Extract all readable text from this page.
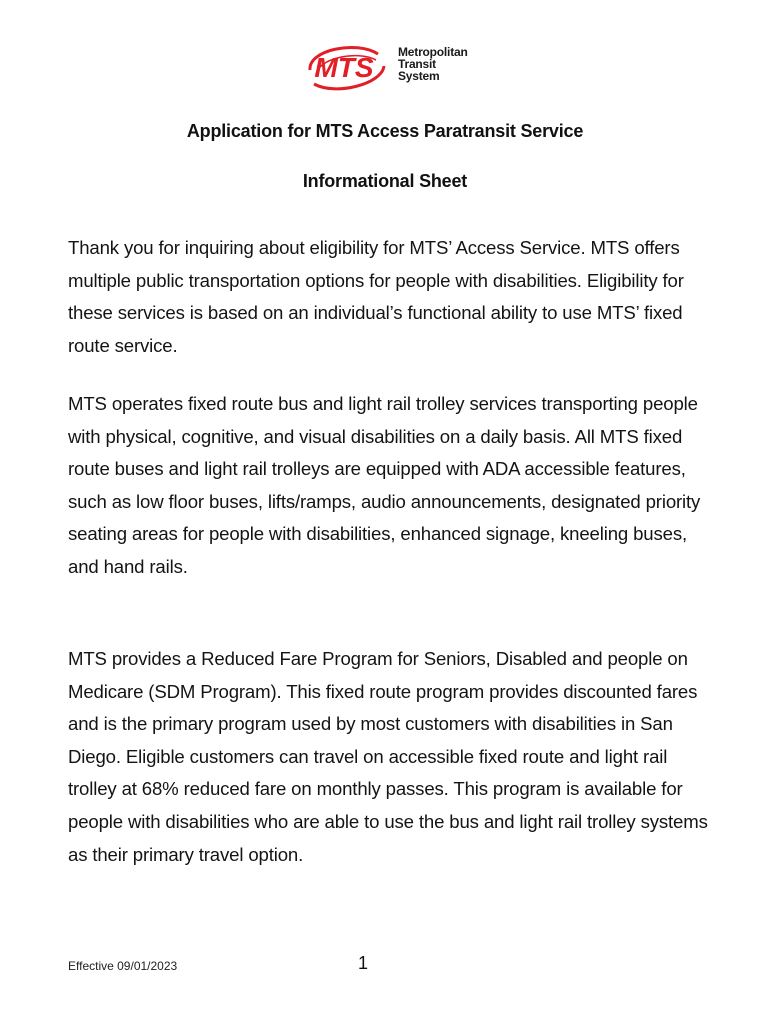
MTS Metropolitan
Transit
System
Application for MTS Access Paratransit Service
Informational Sheet

Thank you for inquiring about eligibility for MTS’ Access Service. MTS offers multiple public transportation options for people with disabilities. Eligibility for these services is based on an individual’s functional ability to use MTS’ fixed route service.

MTS operates fixed route bus and light rail trolley services transporting people with physical, cognitive, and visual disabilities on a daily basis. All MTS fixed route buses and light rail trolleys are equipped with ADA accessible features, such as low floor buses, lifts/ramps, audio announcements, designated priority seating areas for people with disabilities, enhanced signage, kneeling buses, and hand rails.

MTS provides a Reduced Fare Program for Seniors, Disabled and people on Medicare (SDM Program). This fixed route program provides discounted fares and is the primary program used by most customers with disabilities in San Diego. Eligible customers can travel on accessible fixed route and light rail trolley at 68% reduced fare on monthly passes. This program is available for people with disabilities who are able to use the bus and light rail trolley systems as their primary travel option.

Effective 09/01/2023	1
